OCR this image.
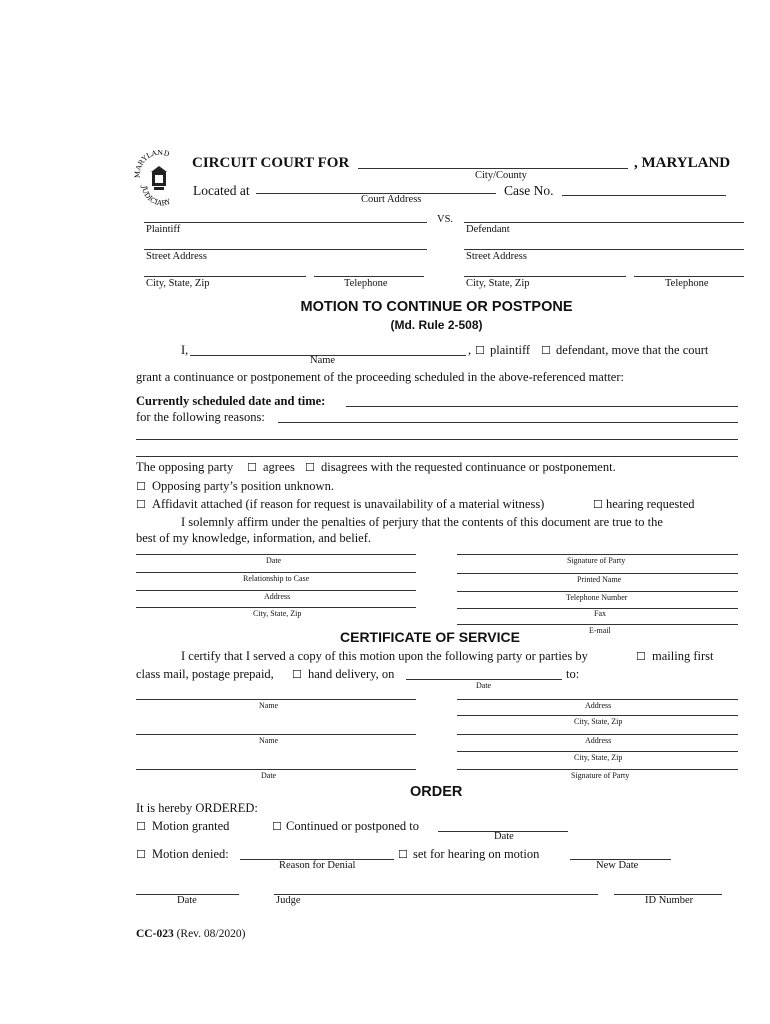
MARYLAND
JUDICIARY
CIRCUIT COURT FOR	, MARYLAND
City/County
Located at	Case No.
Court Address
VS.
Plaintiff	Defendant
Street Address	Street Address
City, State, Zip	Telephone	City, State, Zip	Telephone
MOTION TO CONTINUE OR POSTPONE
(Md. Rule 2-508)
I,
Name
, ☐ plaintiff ☐ defendant, move that the court
grant a continuance or postponement of the proceeding scheduled in the above-referenced matter:
Currently scheduled date and time:
for the following reasons:
The opposing party ☐ agrees ☐ disagrees with the requested continuance or postponement.
☐ Opposing party’s position unknown.
☐ Affidavit attached (if reason for request is unavailability of a material witness)	☐ hearing requested
I solemnly affirm under the penalties of perjury that the contents of this document are true to the
best of my knowledge, information, and belief.
Date	Signature of Party
Relationship to Case	Printed Name
Address	Telephone Number
City, State, Zip	Fax
E-mail
CERTIFICATE OF SERVICE
I certify that I served a copy of this motion upon the following party or parties by	☐ mailing first
class mail, postage prepaid, ☐ hand delivery, on
Date
to:
Name	Address
City, State, Zip
Name	Address
City, State, Zip
Date	Signature of Party
ORDER
It is hereby ORDERED:
☐ Motion granted	☐ Continued or postponed to
Date
☐ Motion denied:
Reason for Denial
☐ set for hearing on motion
New Date
Date	Judge	ID Number
CC-023 (Rev. 08/2020)
